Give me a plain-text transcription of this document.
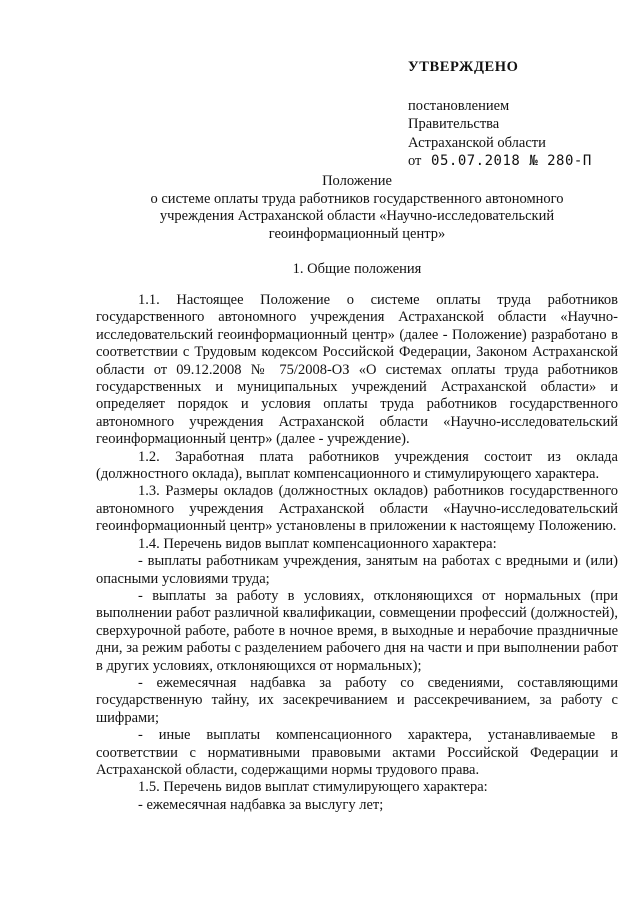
УТВЕРЖДЕНО
постановлением
Правительства
Астраханской области
от 05.07.2018 № 280-П
Положение
о системе оплаты труда работников государственного автономного
учреждения Астраханской области «Научно-исследовательский
геоинформационный центр»
1. Общие положения

1.1. Настоящее Положение о системе оплаты труда работников государственного автономного учреждения Астраханской области «Научно-исследовательский геоинформационный центр» (далее - Положение) разработано в соответствии с Трудовым кодексом Российской Федерации, Законом Астраханской области от 09.12.2008 № 75/2008-ОЗ «О системах оплаты труда работников государственных и муниципальных учреждений Астраханской области» и определяет порядок и условия оплаты труда работников государственного автономного учреждения Астраханской области «Научно-исследовательский геоинформационный центр» (далее - учреждение).

1.2. Заработная плата работников учреждения состоит из оклада (должностного оклада), выплат компенсационного и стимулирующего характера.

1.3. Размеры окладов (должностных окладов) работников государственного автономного учреждения Астраханской области «Научно-исследовательский геоинформационный центр» установлены в приложении к настоящему Положению.

1.4. Перечень видов выплат компенсационного характера:

- выплаты работникам учреждения, занятым на работах с вредными и (или) опасными условиями труда;

- выплаты за работу в условиях, отклоняющихся от нормальных (при выполнении работ различной квалификации, совмещении профессий (должностей), сверхурочной работе, работе в ночное время, в выходные и нерабочие праздничные дни, за режим работы с разделением рабочего дня на части и при выполнении работ в других условиях, отклоняющихся от нормальных);

- ежемесячная надбавка за работу со сведениями, составляющими государственную тайну, их засекречиванием и рассекречиванием, за работу с шифрами;

- иные выплаты компенсационного характера, устанавливаемые в соответствии с нормативными правовыми актами Российской Федерации и Астраханской области, содержащими нормы трудового права.

1.5. Перечень видов выплат стимулирующего характера:

- ежемесячная надбавка за выслугу лет;
